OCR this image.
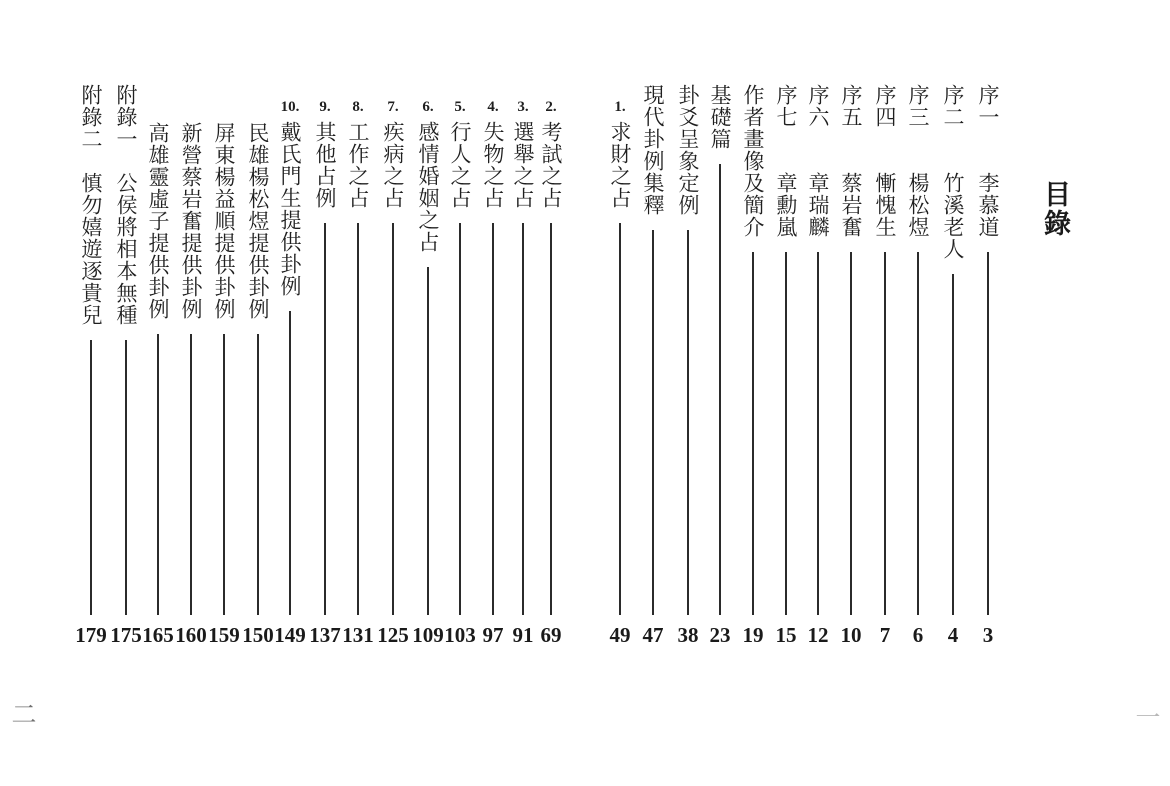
目錄
序一　　李慕道
3
序二　　竹溪老人
4
序三　　楊松煜
6
序四　　慚愧生
7
序五　　蔡岩奮
10
序六　　章瑞麟
12
序七　　章勳嵐
15
作者畫像及簡介
19
基礎篇
23
卦爻呈象定例
38
現代卦例集釋
47
1.求財之占
49
2.考試之占
69
3.選舉之占
91
4.失物之占
97
5.行人之占
103
6.感情婚姻之占
109
7.疾病之占
125
8.工作之占
131
9.其他占例
137
10.戴氏門生提供卦例
149
民雄楊松煜提供卦例
150
屏東楊益順提供卦例
159
新營蔡岩奮提供卦例
160
高雄靈虛子提供卦例
165
附錄一　公侯將相本無種
175
附錄二　慎勿嬉遊逐貴兒
179
二	一
